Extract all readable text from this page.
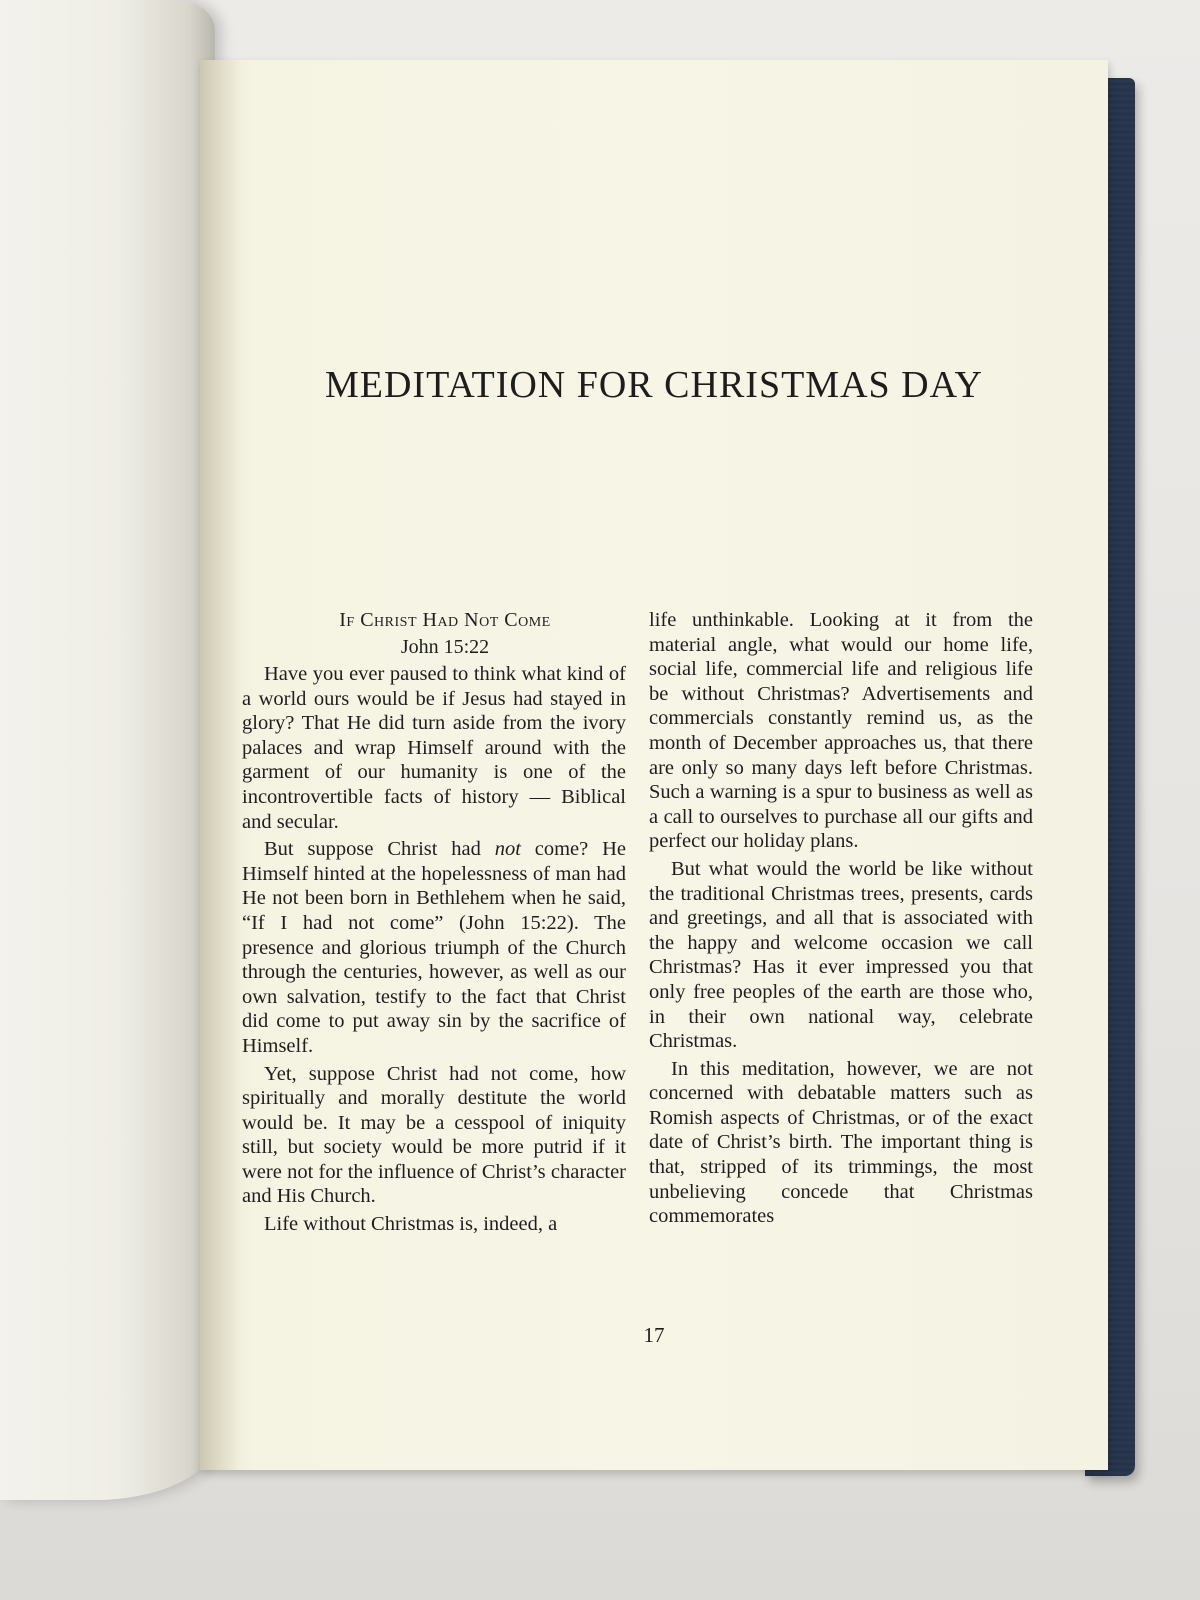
MEDITATION FOR CHRISTMAS DAY

If Christ Had Not Come

John 15:22

Have you ever paused to think what kind of a world ours would be if Jesus had stayed in glory? That He did turn aside from the ivory palaces and wrap Himself around with the garment of our humanity is one of the incontrovertible facts of history — Biblical and secular.

But suppose Christ had not come? He Himself hinted at the hopelessness of man had He not been born in Bethlehem when he said, “If I had not come” (John 15:22). The presence and glorious triumph of the Church through the centuries, however, as well as our own salvation, testify to the fact that Christ did come to put away sin by the sacrifice of Himself.

Yet, suppose Christ had not come, how spiritually and morally destitute the world would be. It may be a cesspool of iniquity still, but society would be more putrid if it were not for the influence of Christ’s character and His Church.

Life without Christmas is, indeed, a

life unthinkable. Looking at it from the material angle, what would our home life, social life, commercial life and religious life be without Christmas? Advertisements and commercials constantly remind us, as the month of December approaches us, that there are only so many days left before Christmas. Such a warning is a spur to business as well as a call to ourselves to purchase all our gifts and perfect our holiday plans.

But what would the world be like without the traditional Christmas trees, presents, cards and greetings, and all that is associated with the happy and welcome occasion we call Christmas? Has it ever impressed you that only free peoples of the earth are those who, in their own national way, celebrate Christmas.

In this meditation, however, we are not concerned with debatable matters such as Romish aspects of Christmas, or of the exact date of Christ’s birth. The important thing is that, stripped of its trimmings, the most unbelieving concede that Christmas commemorates

17
